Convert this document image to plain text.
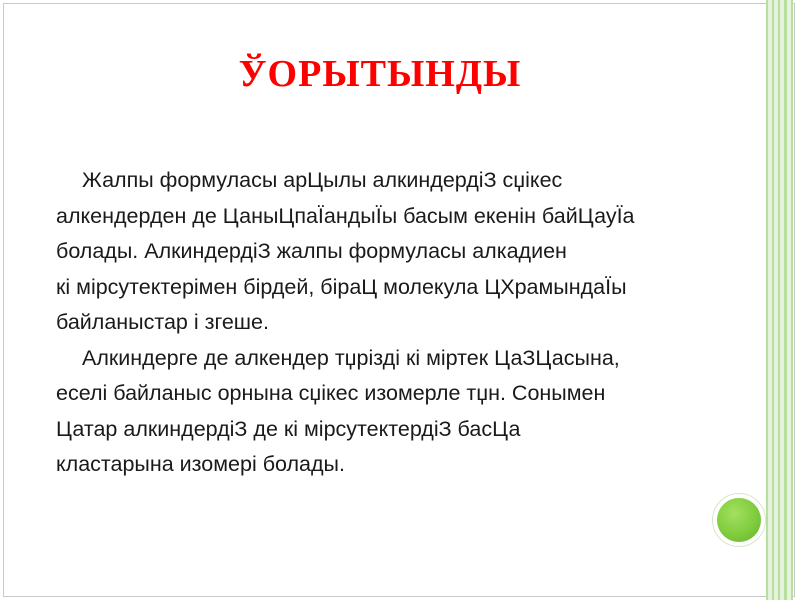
ЎОРЫТЫНДЫ
Жалпы формуласы арЦылы алкиндердіЗ сџікес
алкендерден де ЦаныЦпаЇандыЇы басым екенін байЦауЇа
болады. АлкиндердіЗ жалпы формуласы алкадиен
кі мірсутектерімен бірдей, біраЦ молекула ЦХрамындаЇы
байланыстар і згеше.
Алкиндерге де алкендер тџрізді кі міртек ЦаЗЦасына,
еселі байланыс орнына сџікес изомерле тџн. Сонымен
Цатар алкиндердіЗ де кі мірсутектердіЗ басЦа
кластарына изомері болады.
